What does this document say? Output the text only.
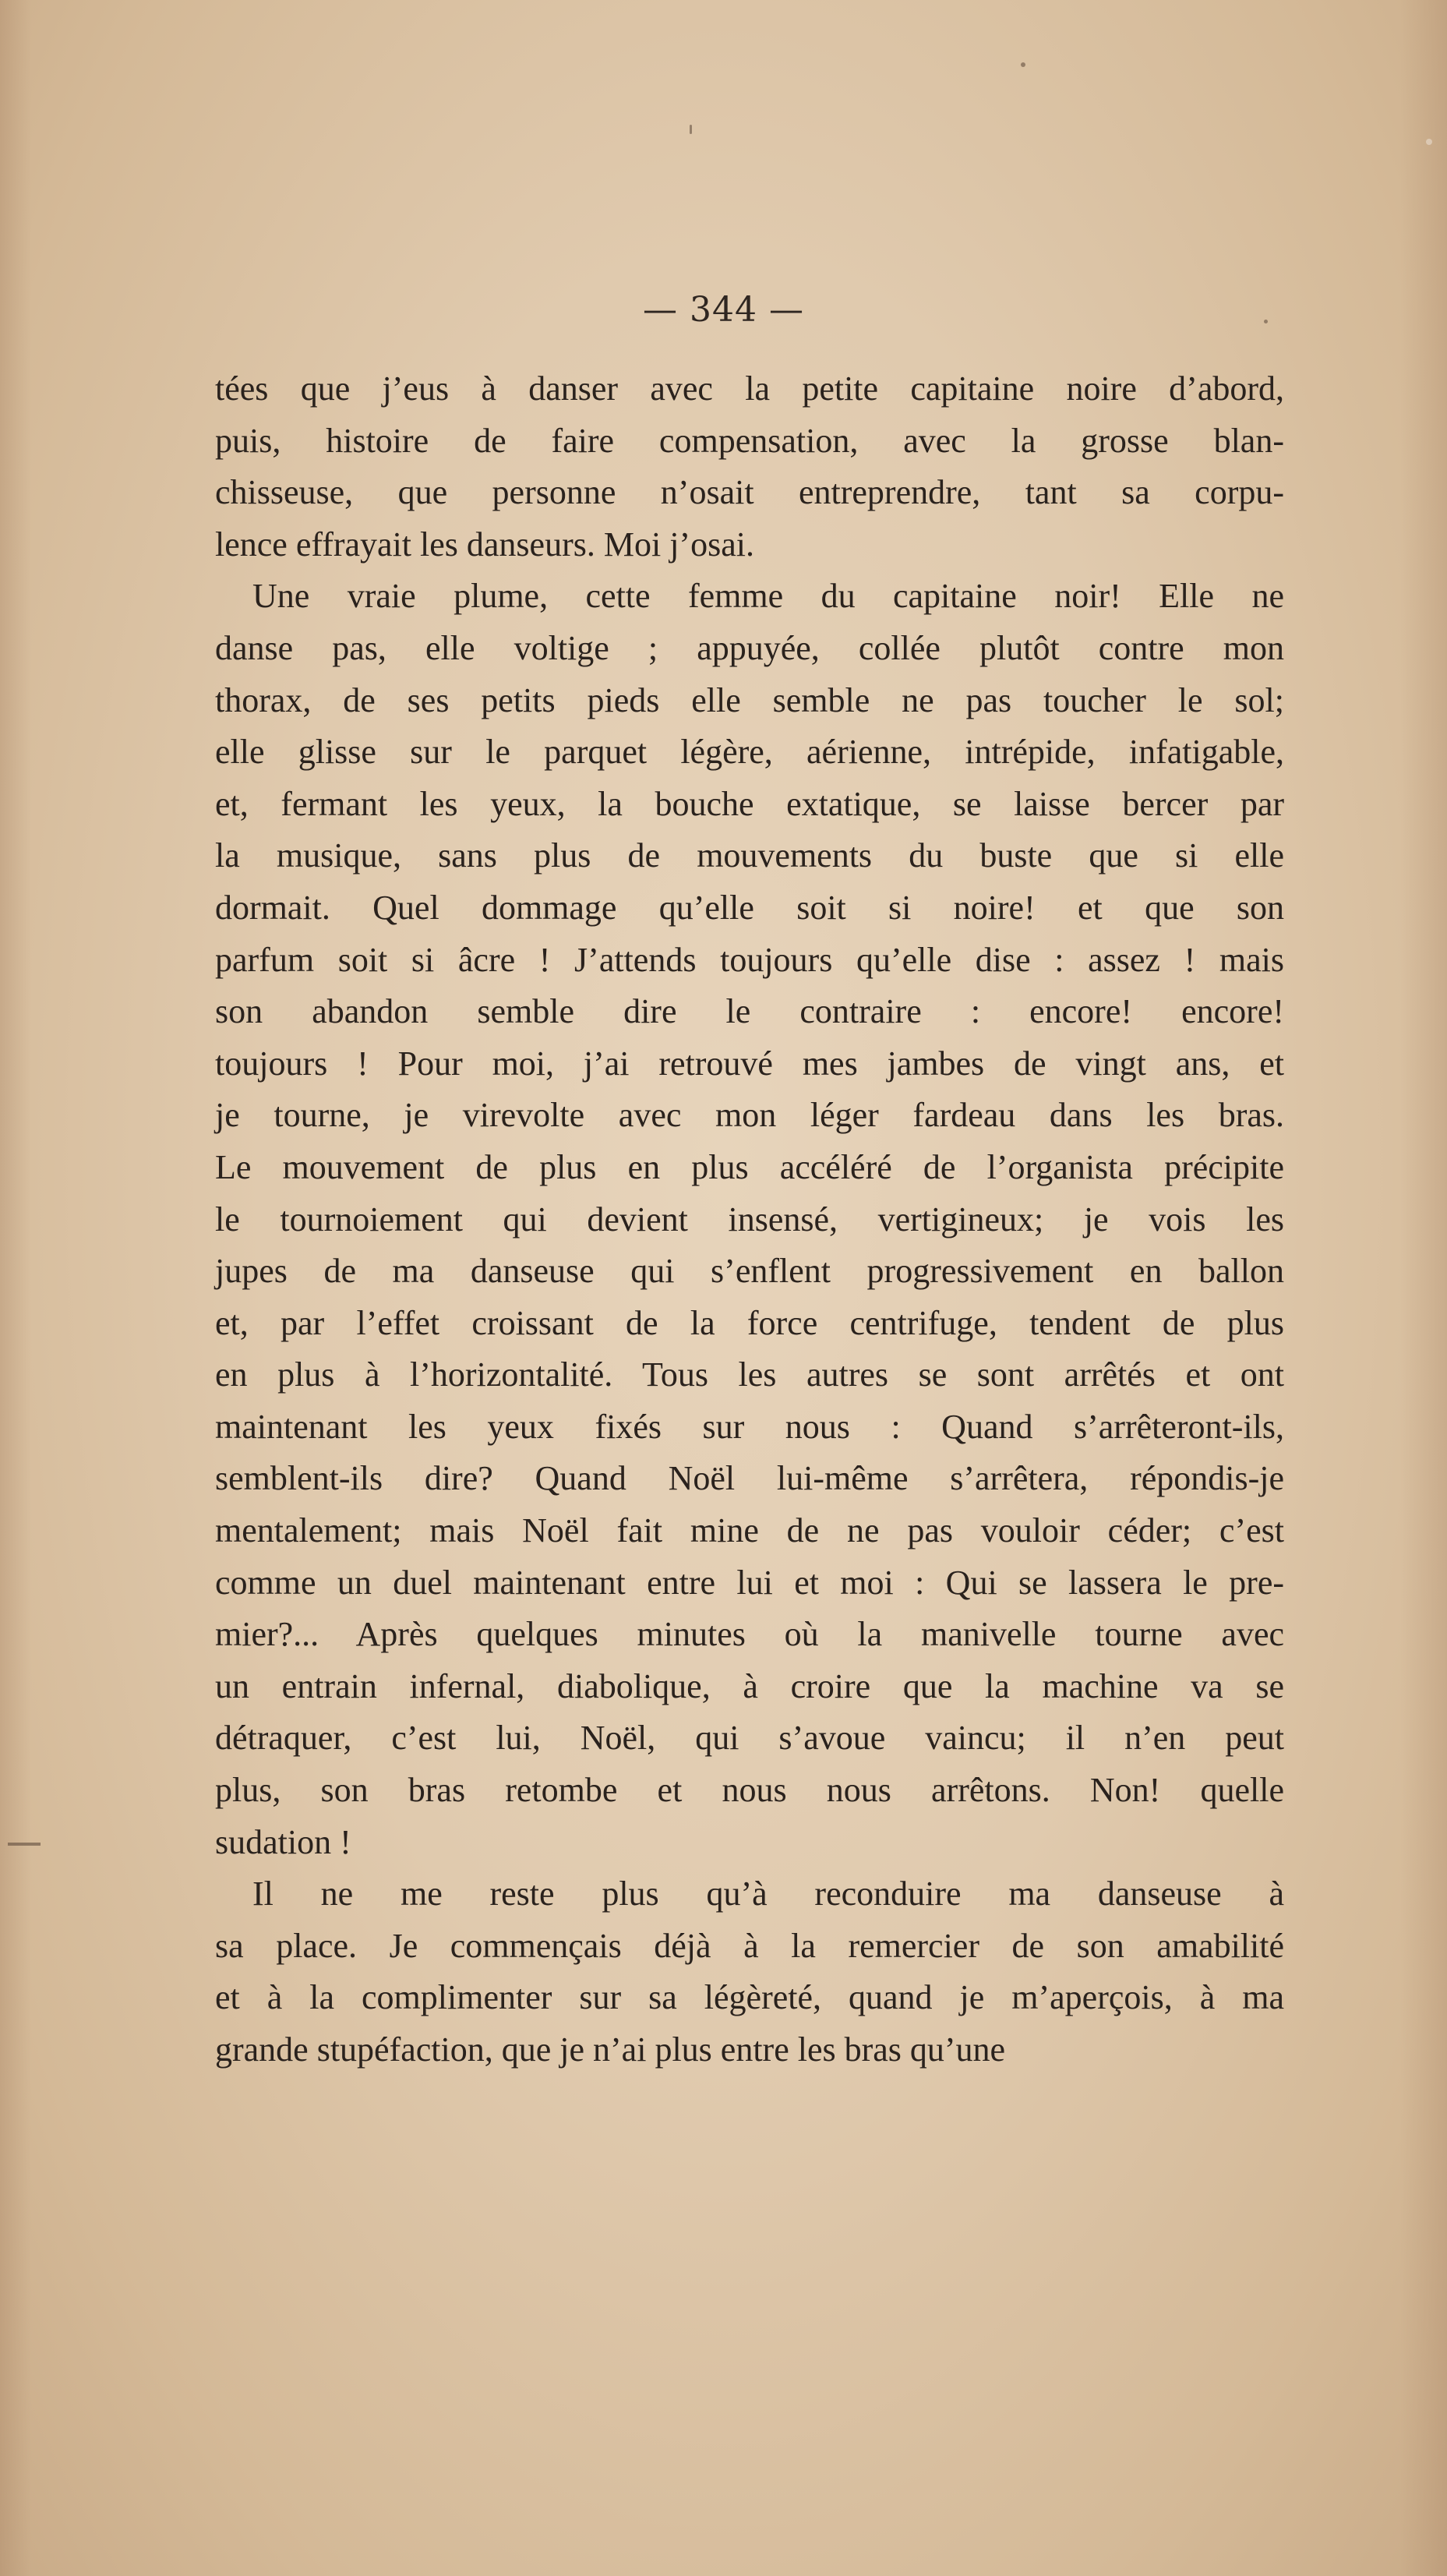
— 344 —
tées que j’eus à danser avec la petite capitaine noire d’abord,
puis, histoire de faire compensation, avec la grosse blan-
chisseuse, que personne n’osait entreprendre, tant sa corpu-
lence effrayait les danseurs. Moi j’osai.
Une vraie plume, cette femme du capitaine noir! Elle ne
danse pas, elle voltige ; appuyée, collée plutôt contre mon
thorax, de ses petits pieds elle semble ne pas toucher le sol;
elle glisse sur le parquet légère, aérienne, intrépide, infatigable,
et, fermant les yeux, la bouche extatique, se laisse bercer par
la musique, sans plus de mouvements du buste que si elle
dormait. Quel dommage qu’elle soit si noire! et que son
parfum soit si âcre ! J’attends toujours qu’elle dise : assez ! mais
son abandon semble dire le contraire : encore! encore!
toujours ! Pour moi, j’ai retrouvé mes jambes de vingt ans, et
je tourne, je virevolte avec mon léger fardeau dans les bras.
Le mouvement de plus en plus accéléré de l’organista précipite
le tournoiement qui devient insensé, vertigineux; je vois les
jupes de ma danseuse qui s’enflent progressivement en ballon
et, par l’effet croissant de la force centrifuge, tendent de plus
en plus à l’horizontalité. Tous les autres se sont arrêtés et ont
maintenant les yeux fixés sur nous : Quand s’arrêteront-ils,
semblent-ils dire? Quand Noël lui-même s’arrêtera, répondis-je
mentalement; mais Noël fait mine de ne pas vouloir céder; c’est
comme un duel maintenant entre lui et moi : Qui se lassera le pre-
mier?... Après quelques minutes où la manivelle tourne avec
un entrain infernal, diabolique, à croire que la machine va se
détraquer, c’est lui, Noël, qui s’avoue vaincu; il n’en peut
plus, son bras retombe et nous nous arrêtons. Non! quelle
sudation !
Il ne me reste plus qu’à reconduire ma danseuse à
sa place. Je commençais déjà à la remercier de son amabilité
et à la complimenter sur sa légèreté, quand je m’aperçois, à ma
grande stupéfaction, que je n’ai plus entre les bras qu’une
